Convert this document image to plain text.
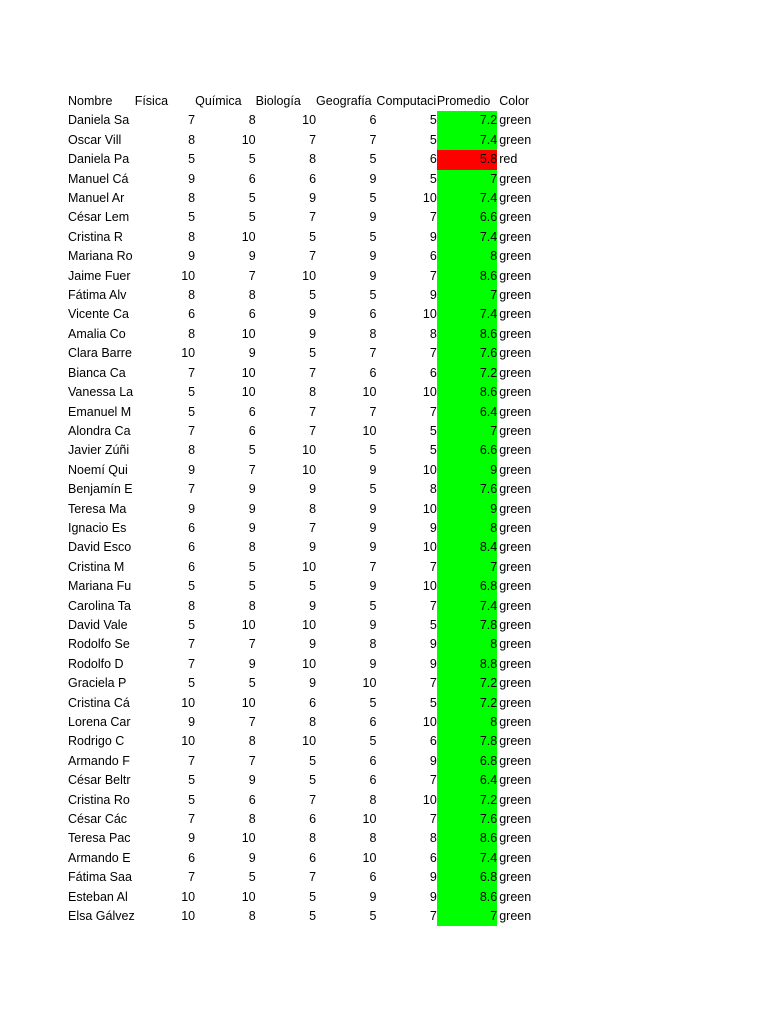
Nombre	Física	Química	Biología	Geografía	Computaci	Promedio	Color
Daniela Sa	7	8	10	6	5	7.2	green
Oscar Vill	8	10	7	7	5	7.4	green
Daniela Pa	5	5	8	5	6	5.8	red
Manuel Cá	9	6	6	9	5	7	green
Manuel Ar	8	5	9	5	10	7.4	green
César Lem	5	5	7	9	7	6.6	green
Cristina R	8	10	5	5	9	7.4	green
Mariana Ro	9	9	7	9	6	8	green
Jaime Fuer	10	7	10	9	7	8.6	green
Fátima Alv	8	8	5	5	9	7	green
Vicente Ca	6	6	9	6	10	7.4	green
Amalia Co	8	10	9	8	8	8.6	green
Clara Barre	10	9	5	7	7	7.6	green
Bianca Ca	7	10	7	6	6	7.2	green
Vanessa La	5	10	8	10	10	8.6	green
Emanuel M	5	6	7	7	7	6.4	green
Alondra Ca	7	6	7	10	5	7	green
Javier Zúñi	8	5	10	5	5	6.6	green
Noemí Qui	9	7	10	9	10	9	green
Benjamín E	7	9	9	5	8	7.6	green
Teresa Ma	9	9	8	9	10	9	green
Ignacio Es	6	9	7	9	9	8	green
David Esco	6	8	9	9	10	8.4	green
Cristina M	6	5	10	7	7	7	green
Mariana Fu	5	5	5	9	10	6.8	green
Carolina Ta	8	8	9	5	7	7.4	green
David Vale	5	10	10	9	5	7.8	green
Rodolfo Se	7	7	9	8	9	8	green
Rodolfo D	7	9	10	9	9	8.8	green
Graciela P	5	5	9	10	7	7.2	green
Cristina Cá	10	10	6	5	5	7.2	green
Lorena Car	9	7	8	6	10	8	green
Rodrigo C	10	8	10	5	6	7.8	green
Armando F	7	7	5	6	9	6.8	green
César Beltr	5	9	5	6	7	6.4	green
Cristina Ro	5	6	7	8	10	7.2	green
César Các	7	8	6	10	7	7.6	green
Teresa Pac	9	10	8	8	8	8.6	green
Armando E	6	9	6	10	6	7.4	green
Fátima Saa	7	5	7	6	9	6.8	green
Esteban Al	10	10	5	9	9	8.6	green
Elsa Gálvez	10	8	5	5	7	7	green
